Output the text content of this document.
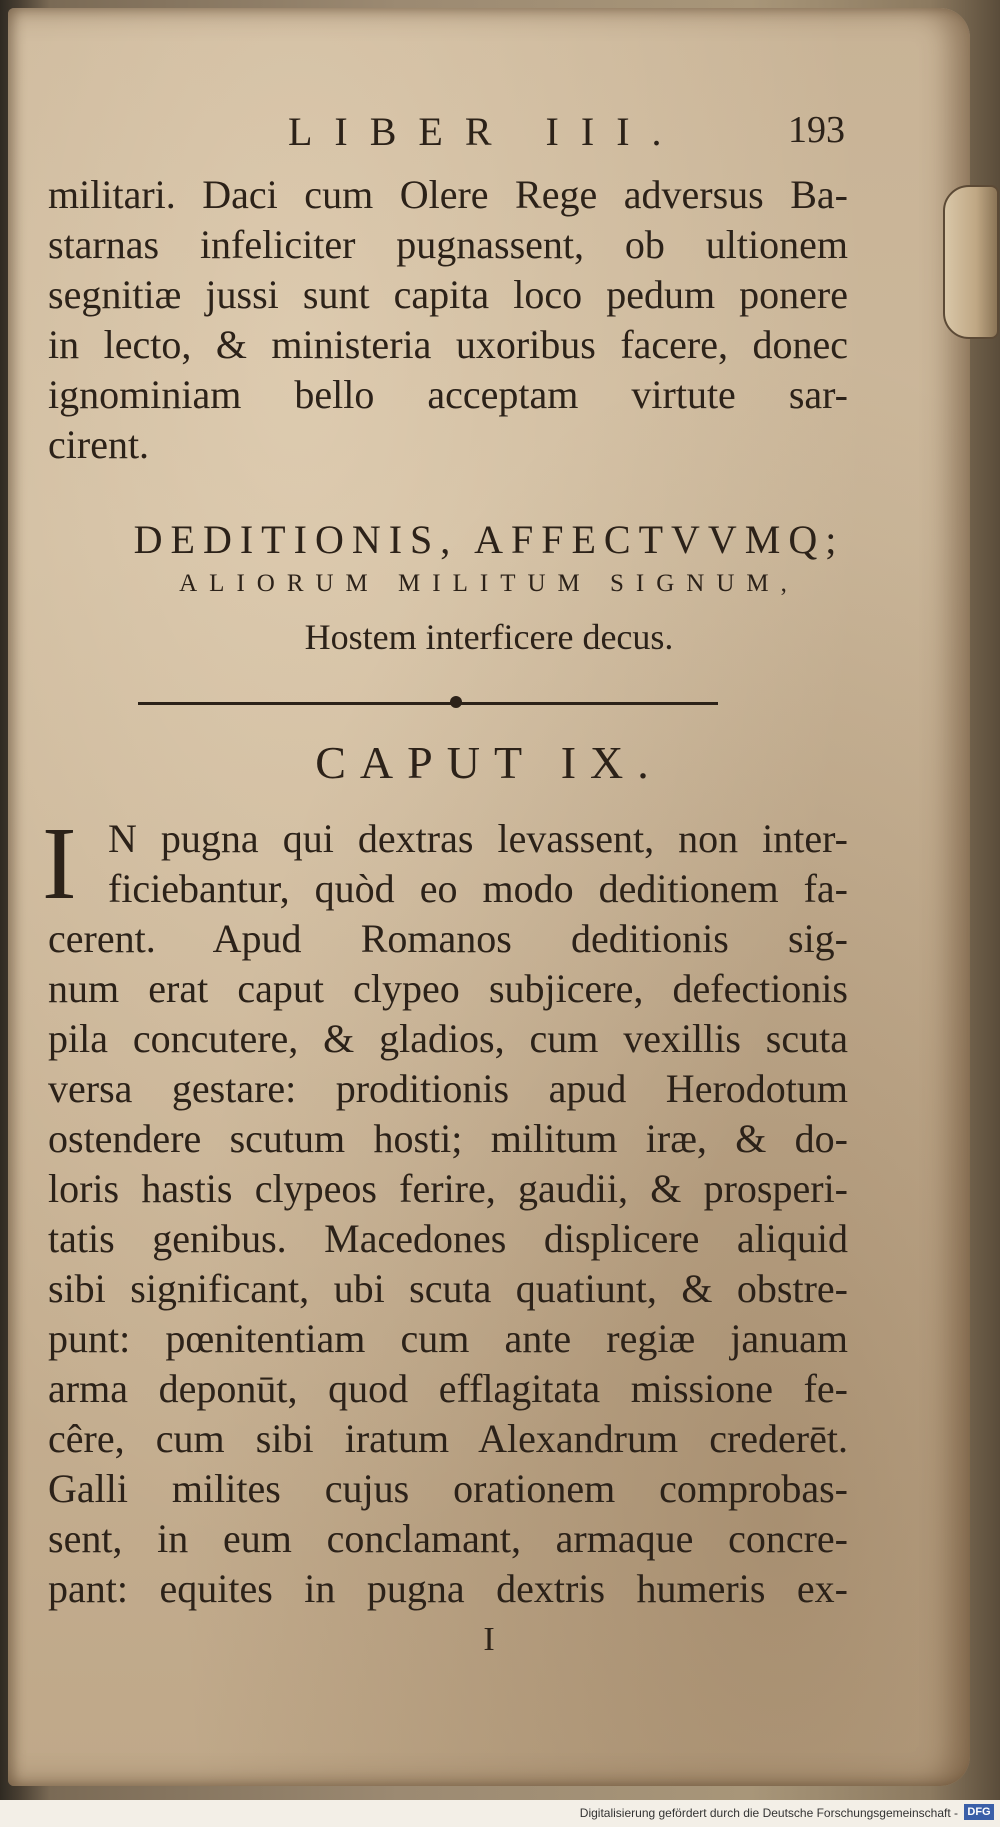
LIBER III.	193
militari. Daci cum Olere Rege adversus Ba-
starnas infeliciter pugnassent, ob ultionem
segnitiæ jussi sunt capita loco pedum ponere
in lecto, & ministeria uxoribus facere, donec
ignominiam bello acceptam virtute sar-
cirent.
DEDITIONIS, AFFECTVVMQ;
ALIORUM MILITUM SIGNUM,
Hostem interficere decus.
CAPUT IX.
I N pugna qui dextras levassent, non inter-
ficiebantur, quòd eo modo deditionem fa-
cerent. Apud Romanos deditionis sig-
num erat caput clypeo subjicere, defectionis
pila concutere, & gladios, cum vexillis scuta
versa gestare: proditionis apud Herodotum
ostendere scutum hosti; militum iræ, & do-
loris hastis clypeos ferire, gaudii, & prosperi-
tatis genibus. Macedones displicere aliquid
sibi significant, ubi scuta quatiunt, & obstre-
punt: pœnitentiam cum ante regiæ januam
arma deponūt, quod efflagitata missione fe-
cêre, cum sibi iratum Alexandrum crederēt.
Galli milites cujus orationem comprobas-
sent, in eum conclamant, armaque concre-
pant: equites in pugna dextris humeris ex-
I
Digitalisierung gefördert durch die Deutsche Forschungsgemeinschaft - DFG
